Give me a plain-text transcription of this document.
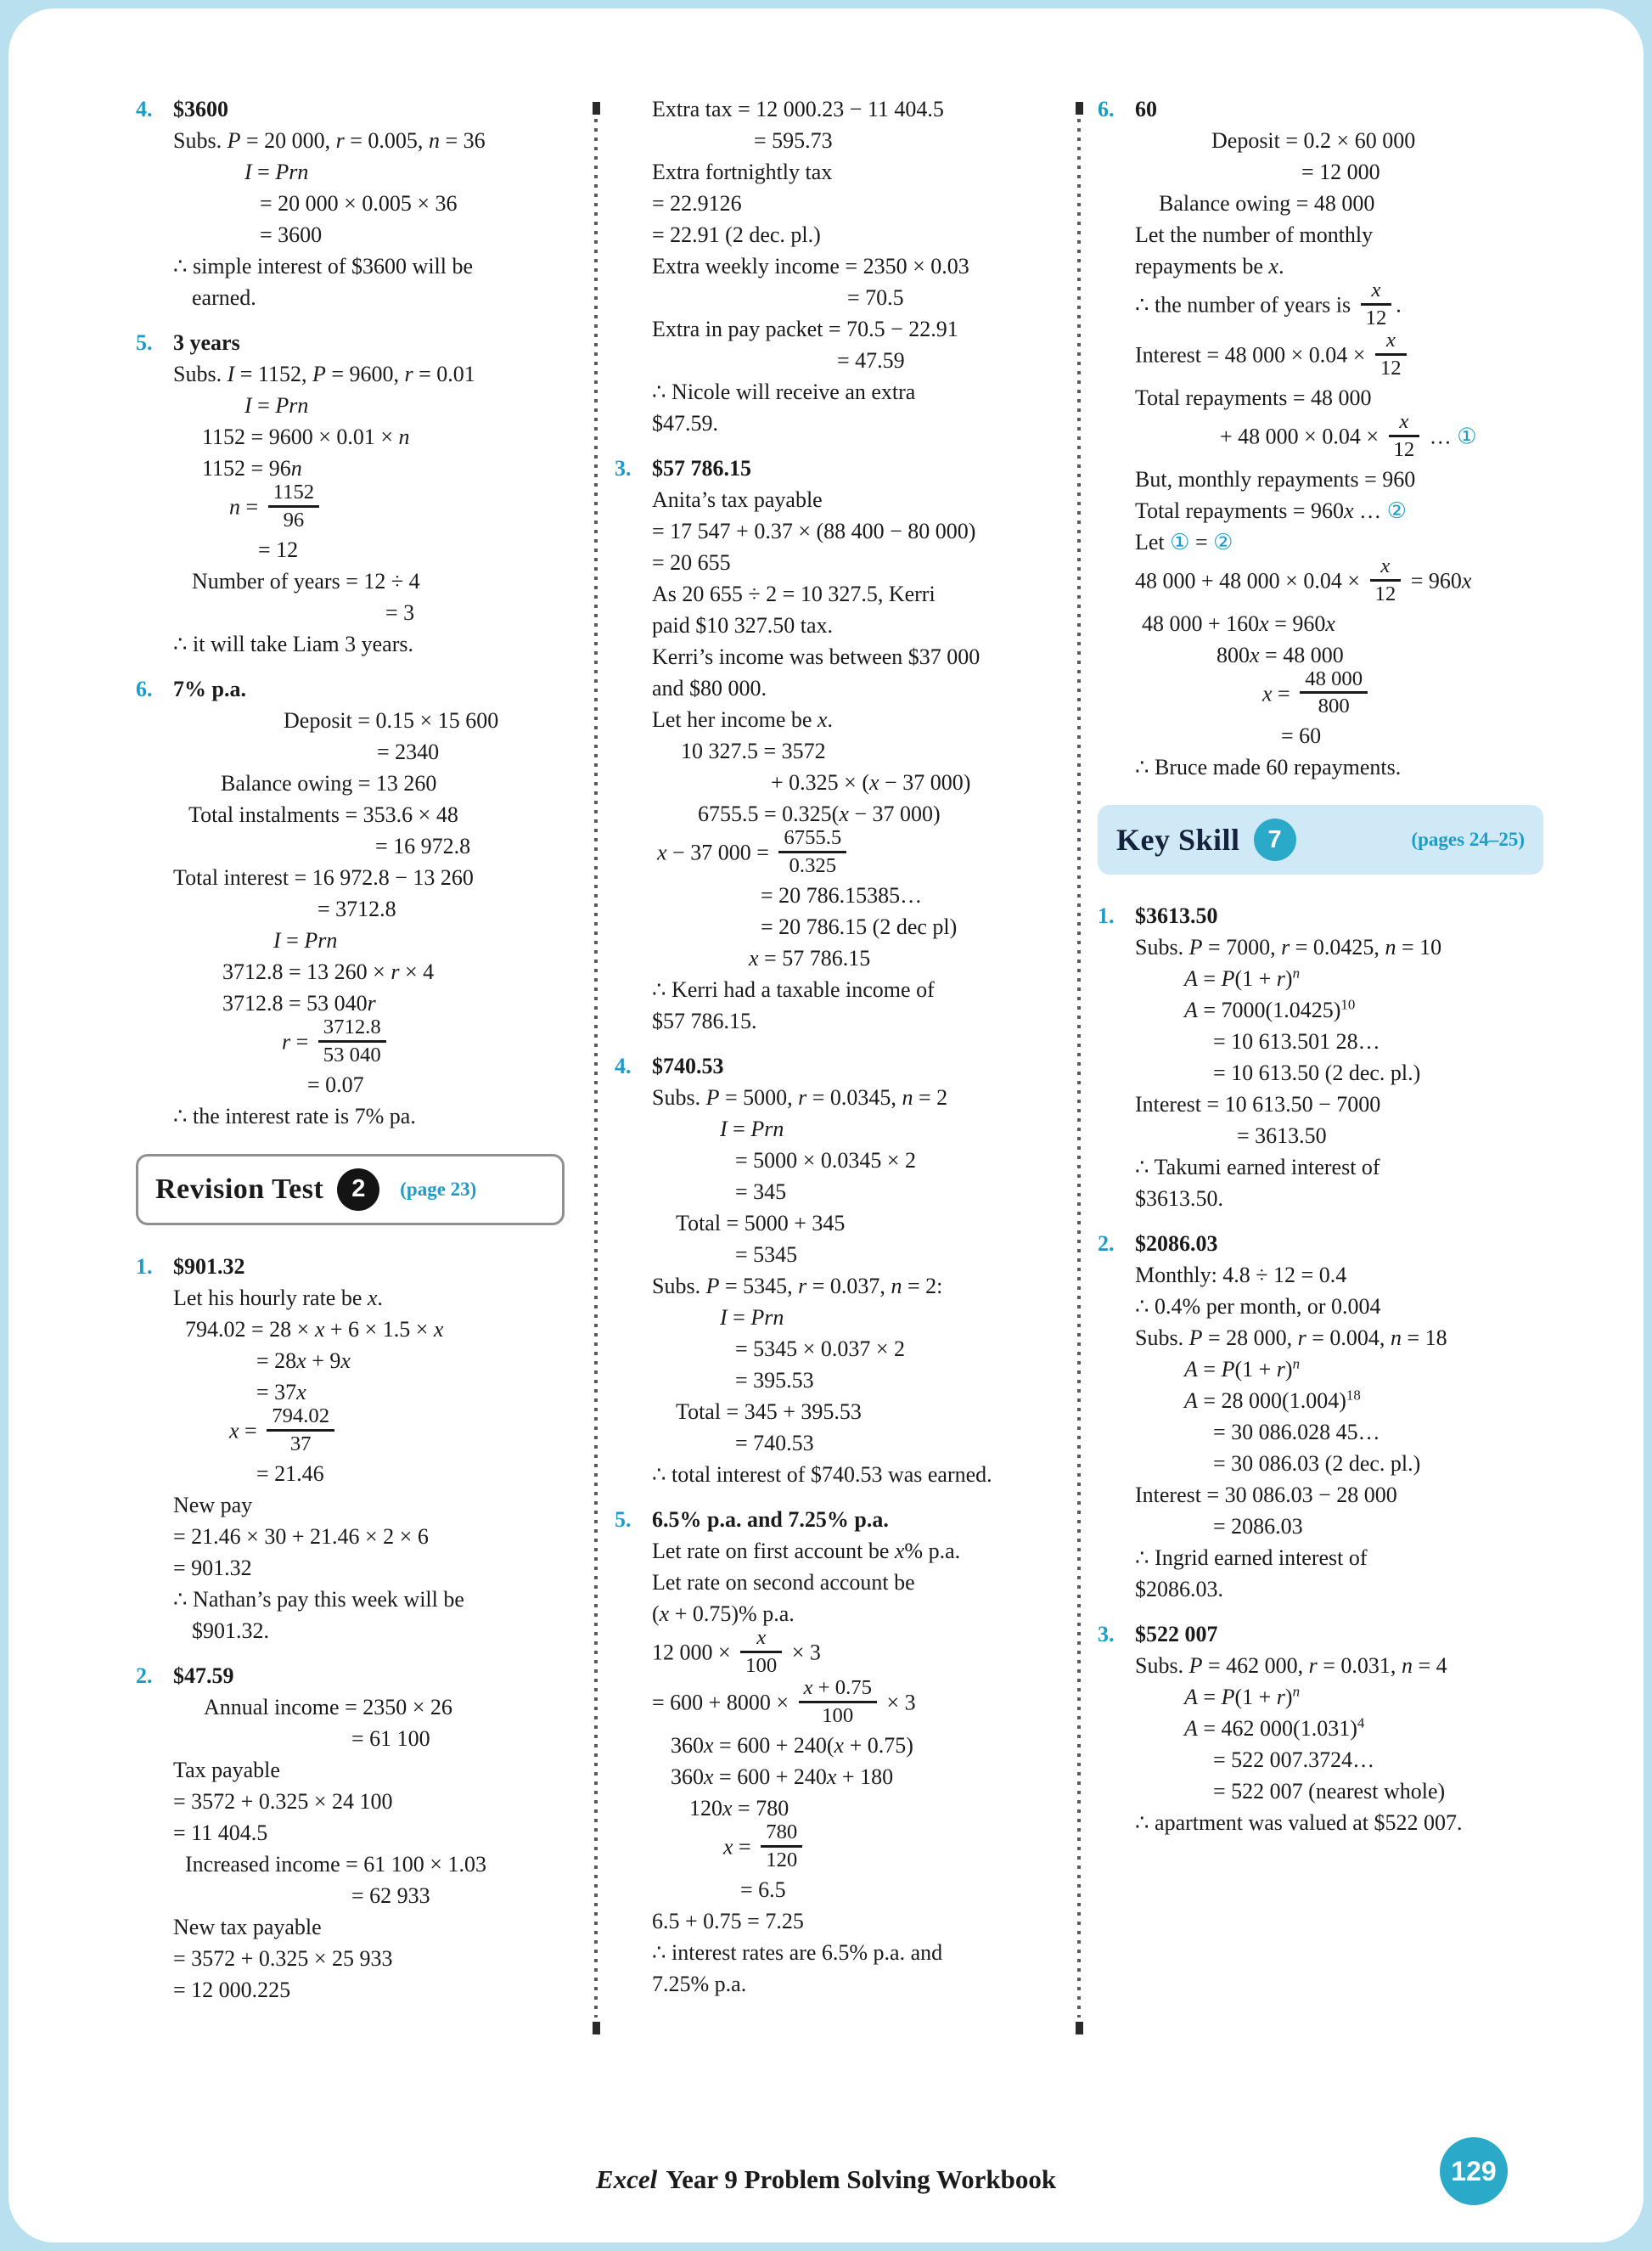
4. $3600
Subs. P = 20 000, r = 0.005, n = 36
I = Prn
= 20 000 × 0.005 × 36
= 3600
∴ simple interest of $3600 will be
earned.
5. 3 years
Subs. I = 1152, P = 9600, r = 0.01
I = Prn
1152 = 9600 × 0.01 × n
1152 = 96n
$n = \frac{1152}{96}$
= 12
Number of years = 12 ÷ 4
= 3
∴ it will take Liam 3 years.
6. 7% p.a.
Deposit = 0.15 × 15 600
= 2340
Balance owing = 13 260
Total instalments = 353.6 × 48
= 16 972.8
Total interest = 16 972.8 − 13 260
= 3712.8
I = Prn
3712.8 = 13 260 × r × 4
3712.8 = 53 040r
$r = \frac{3712.8}{53 040}$
= 0.07
∴ the interest rate is 7% pa.
Revision Test	2	(page 23)
1. $901.32
Let his hourly rate be x.
794.02 = 28 × x + 6 × 1.5 × x
= 28x + 9x
= 37x
$x = \frac{794.02}{37}$
= 21.46
New pay
= 21.46 × 30 + 21.46 × 2 × 6
= 901.32
∴ Nathan’s pay this week will be
$901.32.
2. $47.59
Annual income = 2350 × 26
= 61 100
Tax payable
= 3572 + 0.325 × 24 100
= 11 404.5
Increased income = 61 100 × 1.03
= 62 933
New tax payable
= 3572 + 0.325 × 25 933
= 12 000.225
Extra tax = 12 000.23 − 11 404.5
= 595.73
Extra fortnightly tax
= 22.9126
= 22.91 (2 dec. pl.)
Extra weekly income = 2350 × 0.03
= 70.5
Extra in pay packet = 70.5 − 22.91
= 47.59
∴ Nicole will receive an extra
$47.59.
3. $57 786.15
Anita’s tax payable
= 17 547 + 0.37 × (88 400 − 80 000)
= 20 655
As 20 655 ÷ 2 = 10 327.5, Kerri
paid $10 327.50 tax.
Kerri’s income was between $37 000
and $80 000.
Let her income be x.
10 327.5 = 3572
+ 0.325 × (x − 37 000)
6755.5 = 0.325(x − 37 000)
x − 37 $000 = \frac{6755.5}{0.325}$
= 20 786.15385…
= 20 786.15 (2 dec pl)
x = 57 786.15
∴ Kerri had a taxable income of
$57 786.15.
4. $740.53
Subs. P = 5000, r = 0.0345, n = 2
I = Prn
= 5000 × 0.0345 × 2
= 345
Total = 5000 + 345
= 5345
Subs. P = 5345, r = 0.037, n = 2:
I = Prn
= 5345 × 0.037 × 2
= 395.53
Total = 345 + 395.53
= 740.53
∴ total interest of $740.53 was earned.
5. 6.5% p.a. and 7.25% p.a.
Let rate on first account be x% p.a.
Let rate on second account be
(x + 0.75)% p.a.
12 $000 \times \frac{x}{100} \times 3$
= $600 + 8000 \times \frac{x + 0.75}{100} \times 3$
360x = 600 + 240(x + 0.75)
360x = 600 + 240x + 180
120x = 780
$x = \frac{780}{120}$
= 6.5
6.5 + 0.75 = 7.25
∴ interest rates are 6.5% p.a. and
7.25% p.a.
6. 60
Deposit = 0.2 × 60 000
= 12 000
Balance owing = 48 000
Let the number of monthly
repayments be x.
∴ the number of years is $\frac{x}{12}$ .
Interest = 48 $000 \times 0.04 \times \frac{x}{12}$
Total repayments = 48 000
+ 48 $000 \times 0.04 \times \frac{x}{12}$ … ①
But, monthly repayments = 960
Total repayments = 960x … ②
Let ① = ②
48 000 + 48 $000 \times 0.04 \times \frac{x}{12} = 960x$
48 000 + 160x = 960x
800x = 48 000
$x = \frac{48 000}{800}$
= 60
∴ Bruce made 60 repayments.
Key Skill	7	(pages 24–25)
1. $3613.50
Subs. P = 7000, r = 0.0425, n = 10
$A = P(1 + r)^n$
$A = 7000(1.0425)^{10}$
= 10 613.501 28…
= 10 613.50 (2 dec. pl.)
Interest = 10 613.50 − 7000
= 3613.50
∴ Takumi earned interest of
$3613.50.
2. $2086.03
Monthly: 4.8 ÷ 12 = 0.4
∴ 0.4% per month, or 0.004
Subs. P = 28 000, r = 0.004, n = 18
$A = P(1 + r)^n$
A = 28 $000(1.004)^{18}$
= 30 086.028 45…
= 30 086.03 (2 dec. pl.)
Interest = 30 086.03 − 28 000
= 2086.03
∴ Ingrid earned interest of
$2086.03.
3. $522 007
Subs. P = 462 000, r = 0.031, n = 4
$A = P(1 + r)^n$
A = 462 $000(1.031)^4$
= 522 007.3724…
= 522 007 (nearest whole)
∴ apartment was valued at $522 007.
Excel Year 9 Problem Solving Workbook	129
